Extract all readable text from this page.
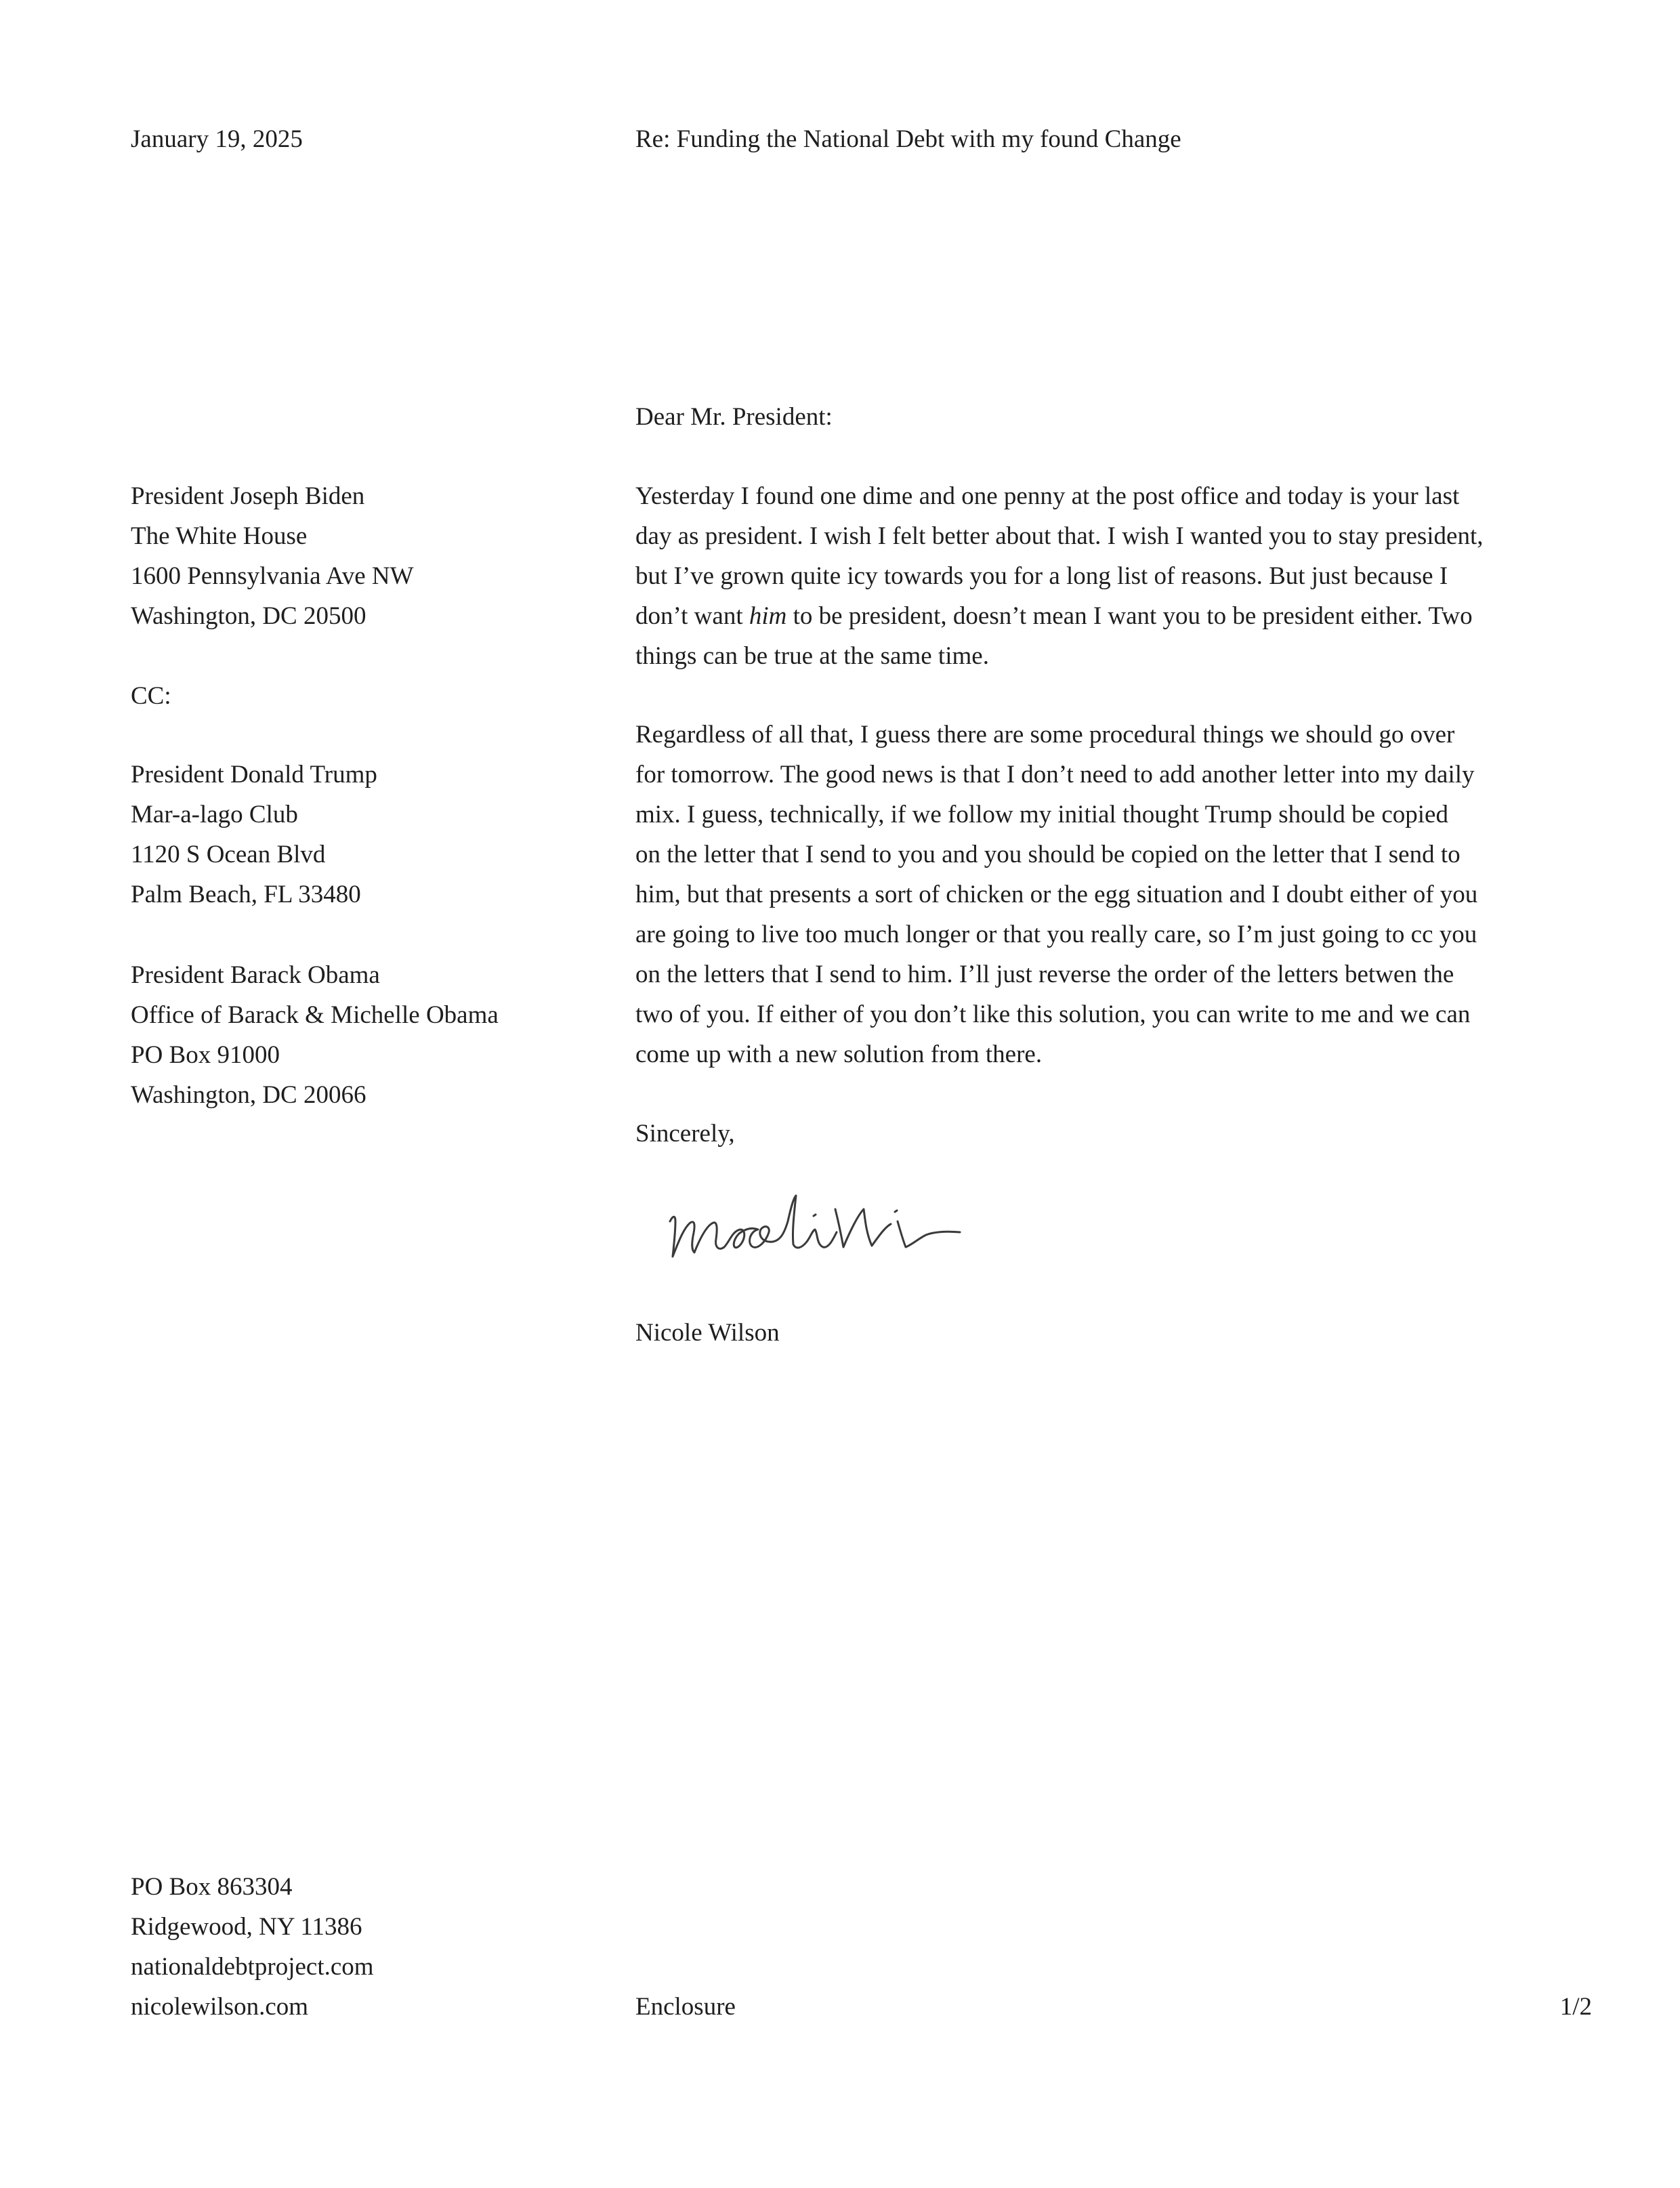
January 19, 2025	Re: Funding the National Debt with my found Change
President Joseph Biden
The White House
1600 Pennsylvania Ave NW
Washington, DC 20500
CC:
President Donald Trump
Mar-a-lago Club
1120 S Ocean Blvd
Palm Beach, FL 33480
President Barack Obama
Office of Barack & Michelle Obama
PO Box 91000
Washington, DC 20066
Dear Mr. President:
Yesterday I found one dime and one penny at the post office and today is your last
day as president. I wish I felt better about that. I wish I wanted you to stay president,
but I’ve grown quite icy towards you for a long list of reasons. But just because I
don’t want him to be president, doesn’t mean I want you to be president either. Two
things can be true at the same time.
Regardless of all that, I guess there are some procedural things we should go over
for tomorrow. The good news is that I don’t need to add another letter into my daily
mix. I guess, technically, if we follow my initial thought Trump should be copied
on the letter that I send to you and you should be copied on the letter that I send to
him, but that presents a sort of chicken or the egg situation and I doubt either of you
are going to live too much longer or that you really care, so I’m just going to cc you
on the letters that I send to him. I’ll just reverse the order of the letters betwen the
two of you. If either of you don’t like this solution, you can write to me and we can
come up with a new solution from there.
Sincerely,
Nicole Wilson
PO Box 863304
Ridgewood, NY 11386
nationaldebtproject.com
nicolewilson.com	Enclosure	1/2
